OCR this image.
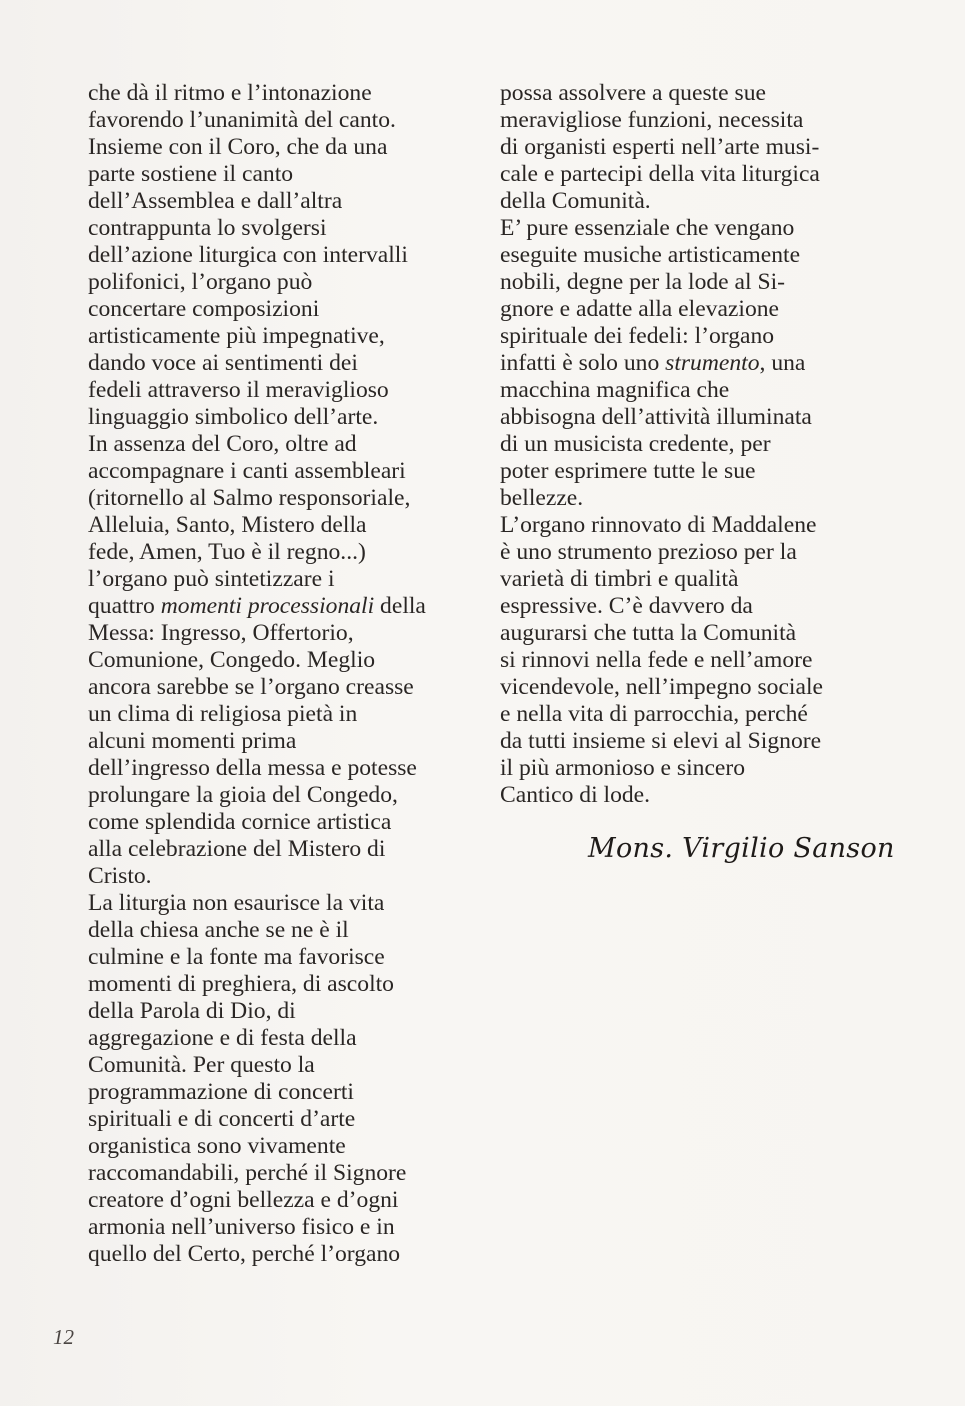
che dà il ritmo e l’intonazione
favorendo l’unanimità del canto.
Insieme con il Coro, che da una
parte sostiene il canto
dell’Assemblea e dall’altra
contrappunta lo svolgersi
dell’azione liturgica con intervalli
polifonici, l’organo può
concertare composizioni
artisticamente più impegnative,
dando voce ai sentimenti dei
fedeli attraverso il meraviglioso
linguaggio simbolico dell’arte.
In assenza del Coro, oltre ad
accompagnare i canti assembleari
(ritornello al Salmo responsoriale,
Alleluia, Santo, Mistero della
fede, Amen, Tuo è il regno...)
l’organo può sintetizzare i
quattro momenti processionali della
Messa: Ingresso, Offertorio,
Comunione, Congedo. Meglio
ancora sarebbe se l’organo creasse
un clima di religiosa pietà in
alcuni momenti prima
dell’ingresso della messa e potesse
prolungare la gioia del Congedo,
come splendida cornice artistica
alla celebrazione del Mistero di
Cristo.
La liturgia non esaurisce la vita
della chiesa anche se ne è il
culmine e la fonte ma favorisce
momenti di preghiera, di ascolto
della Parola di Dio, di
aggregazione e di festa della
Comunità. Per questo la
programmazione di concerti
spirituali e di concerti d’arte
organistica sono vivamente
raccomandabili, perché il Signore
creatore d’ogni bellezza e d’ogni
armonia nell’universo fisico e in
quello del Certo, perché l’organo
possa assolvere a queste sue
meravigliose funzioni, necessita
di organisti esperti nell’arte musi-
cale e partecipi della vita liturgica
della Comunità.
E’ pure essenziale che vengano
eseguite musiche artisticamente
nobili, degne per la lode al Si-
gnore e adatte alla elevazione
spirituale dei fedeli: l’organo
infatti è solo uno strumento, una
macchina magnifica che
abbisogna dell’attività illuminata
di un musicista credente, per
poter esprimere tutte le sue
bellezze.
L’organo rinnovato di Maddalene
è uno strumento prezioso per la
varietà di timbri e qualità
espressive. C’è davvero da
augurarsi che tutta la Comunità
si rinnovi nella fede e nell’amore
vicendevole, nell’impegno sociale
e nella vita di parrocchia, perché
da tutti insieme si elevi al Signore
il più armonioso e sincero
Cantico di lode.
Mons. Virgilio Sanson
12
